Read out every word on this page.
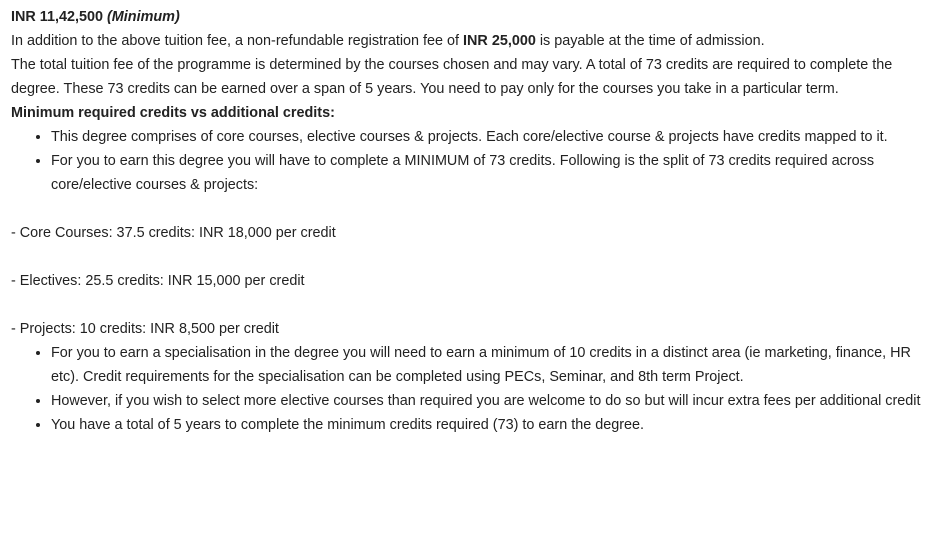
INR 11,42,500 (Minimum)

In addition to the above tuition fee, a non-refundable registration fee of INR 25,000 is payable at the time of admission.

The total tuition fee of the programme is determined by the courses chosen and may vary. A total of 73 credits are required to complete the degree. These 73 credits can be earned over a span of 5 years. You need to pay only for the courses you take in a particular term.

Minimum required credits vs additional credits:

• This degree comprises of core courses, elective courses & projects. Each core/elective course & projects have credits mapped to it.
• For you to earn this degree you will have to complete a MINIMUM of 73 credits. Following is the split of 73 credits required across core/elective courses & projects:

- Core Courses: 37.5 credits: INR 18,000 per credit

- Electives: 25.5 credits: INR 15,000 per credit

- Projects: 10 credits: INR 8,500 per credit

• For you to earn a specialisation in the degree you will need to earn a minimum of 10 credits in a distinct area (ie marketing, finance, HR etc). Credit requirements for the specialisation can be completed using PECs, Seminar, and 8th term Project.
• However, if you wish to select more elective courses than required you are welcome to do so but will incur extra fees per additional credit
• You have a total of 5 years to complete the minimum credits required (73) to earn the degree.
